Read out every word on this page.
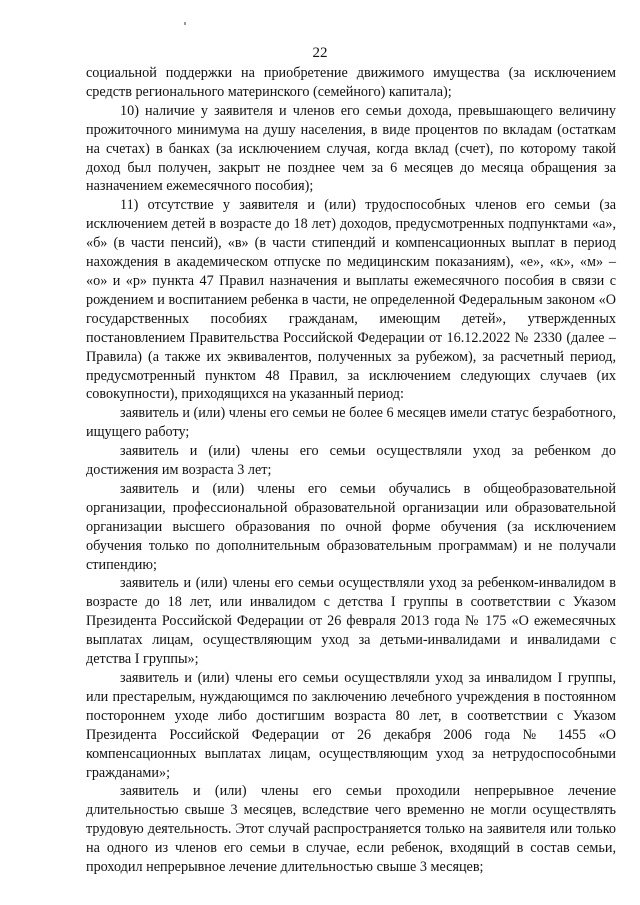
22

социальной поддержки на приобретение движимого имущества (за исключением средств регионального материнского (семейного) капитала);

10) наличие у заявителя и членов его семьи дохода, превышающего величину прожиточного минимума на душу населения, в виде процентов по вкладам (остаткам на счетах) в банках (за исключением случая, когда вклад (счет), по которому такой доход был получен, закрыт не позднее чем за 6 месяцев до месяца обращения за назначением ежемесячного пособия);

11) отсутствие у заявителя и (или) трудоспособных членов его семьи (за исключением детей в возрасте до 18 лет) доходов, предусмотренных подпунктами «а», «б» (в части пенсий), «в» (в части стипендий и компенсационных выплат в период нахождения в академическом отпуске по медицинским показаниям), «е», «к», «м» – «о» и «р» пункта 47 Правил назначения и выплаты ежемесячного пособия в связи с рождением и воспитанием ребенка в части, не определенной Федеральным законом «О государственных пособиях гражданам, имеющим детей», утвержденных постановлением Правительства Российской Федерации от 16.12.2022 № 2330 (далее – Правила) (а также их эквивалентов, полученных за рубежом), за расчетный период, предусмотренный пунктом 48 Правил, за исключением следующих случаев (их совокупности), приходящихся на указанный период:

заявитель и (или) члены его семьи не более 6 месяцев имели статус безработного, ищущего работу;

заявитель и (или) члены его семьи осуществляли уход за ребенком до достижения им возраста 3 лет;

заявитель и (или) члены его семьи обучались в общеобразовательной организации, профессиональной образовательной организации или образовательной организации высшего образования по очной форме обучения (за исключением обучения только по дополнительным образовательным программам) и не получали стипендию;

заявитель и (или) члены его семьи осуществляли уход за ребенком-инвалидом в возрасте до 18 лет, или инвалидом с детства I группы в соответствии с Указом Президента Российской Федерации от 26 февраля 2013 года № 175 «О ежемесячных выплатах лицам, осуществляющим уход за детьми-инвалидами и инвалидами с детства I группы»;

заявитель и (или) члены его семьи осуществляли уход за инвалидом I группы, или престарелым, нуждающимся по заключению лечебного учреждения в постоянном постороннем уходе либо достигшим возраста 80 лет, в соответствии с Указом Президента Российской Федерации от 26 декабря 2006 года № 1455 «О компенсационных выплатах лицам, осуществляющим уход за нетрудоспособными гражданами»;

заявитель и (или) члены его семьи проходили непрерывное лечение длительностью свыше 3 месяцев, вследствие чего временно не могли осуществлять трудовую деятельность. Этот случай распространяется только на заявителя или только на одного из членов его семьи в случае, если ребенок, входящий в состав семьи, проходил непрерывное лечение длительностью свыше 3 месяцев;
